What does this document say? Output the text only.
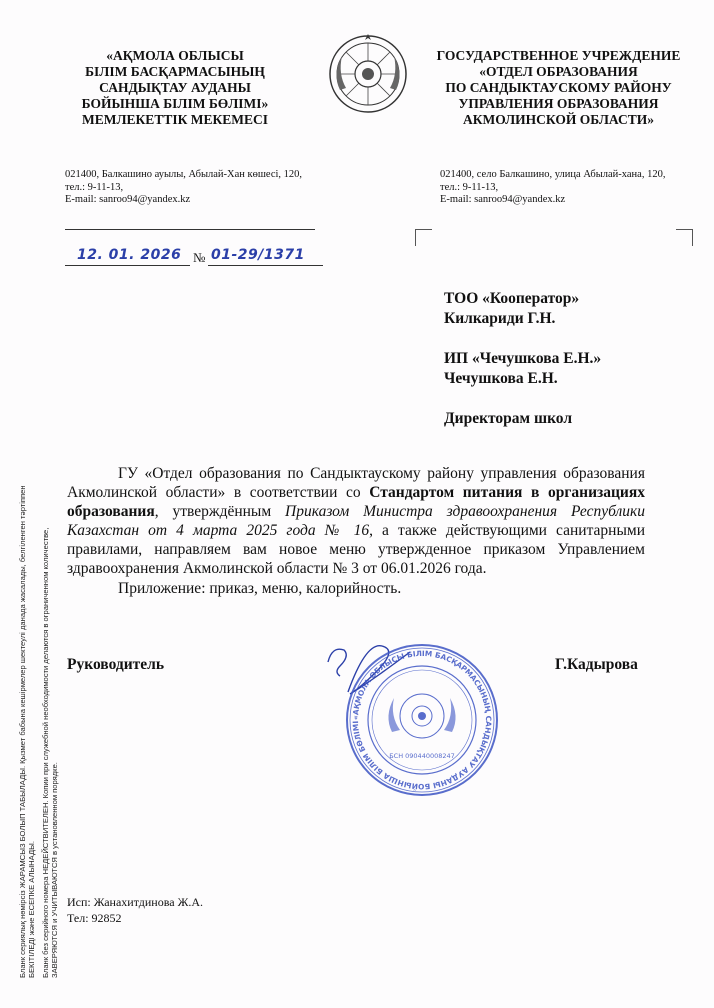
«АҚМОЛА ОБЛЫСЫ
БІЛІМ БАСҚАРМАСЫНЫҢ
САНДЫҚТАУ АУДАНЫ
БОЙЫНША БІЛІМ БӨЛІМІ»
МЕМЛЕКЕТТІК МЕКЕМЕСІ
ГОСУДАРСТВЕННОЕ УЧРЕЖДЕНИЕ
«ОТДЕЛ ОБРАЗОВАНИЯ
ПО САНДЫКТАУСКОМУ РАЙОНУ
УПРАВЛЕНИЯ ОБРАЗОВАНИЯ
АКМОЛИНСКОЙ ОБЛАСТИ»
021400, Балкашино ауылы, Абылай-Хан көшесі, 120,
тел.: 9-11-13,
E-mail: sanroo94@yandex.kz
021400, село Балкашино, улица Абылай-хана, 120,
тел.: 9-11-13,
E-mail: sanroo94@yandex.kz
12. 01. 2026 № 01-29/1371
ТОО «Кооператор»
Килкариди Г.Н.
ИП «Чечушкова Е.Н.»
Чечушкова Е.Н.
Директорам школ
ГУ «Отдел образования по Сандыктаускому району управления образования Акмолинской области» в соответствии со Стандартом питания в организациях образования, утверждённым Приказом Министра здравоохранения Республики Казахстан от 4 марта 2025 года № 16, а также действующими санитарными правилами, направляем вам новое меню утвержденное приказом Управлением здравоохранения Акмолинской области № 3 от 06.01.2026 года.
Приложение: приказ, меню, калорийность.
Руководитель	Г.Кадырова
«АҚМОЛА ОБЛЫСЫ БІЛІМ БАСҚАРМАСЫНЫҢ САНДЫҚТАУ АУДАНЫ БОЙЫНША БІЛІМ БӨЛІМІ
БСН 090440008247
Исп: Жанахитдинова Ж.А.
Тел: 92852
Бланк сериялық нөмірсіз ЖАРАМСЫЗ БОЛЫП ТАБЫЛАДЫ. Қызмет бабына кешірмелер шектеулі данада жасалады, белгіленген тәртіппен БЕКІТІЛЕДІ және ЕСЕПКЕ АЛЫНАДЫ. Бланк без серийного номера НЕДЕЙСТВИТЕЛЕН. Копии при служебной необходимости делаются в ограниченном количестве, ЗАВЕРЯЮТСЯ и УЧИТЫВАЮТСЯ в установленном порядке.
